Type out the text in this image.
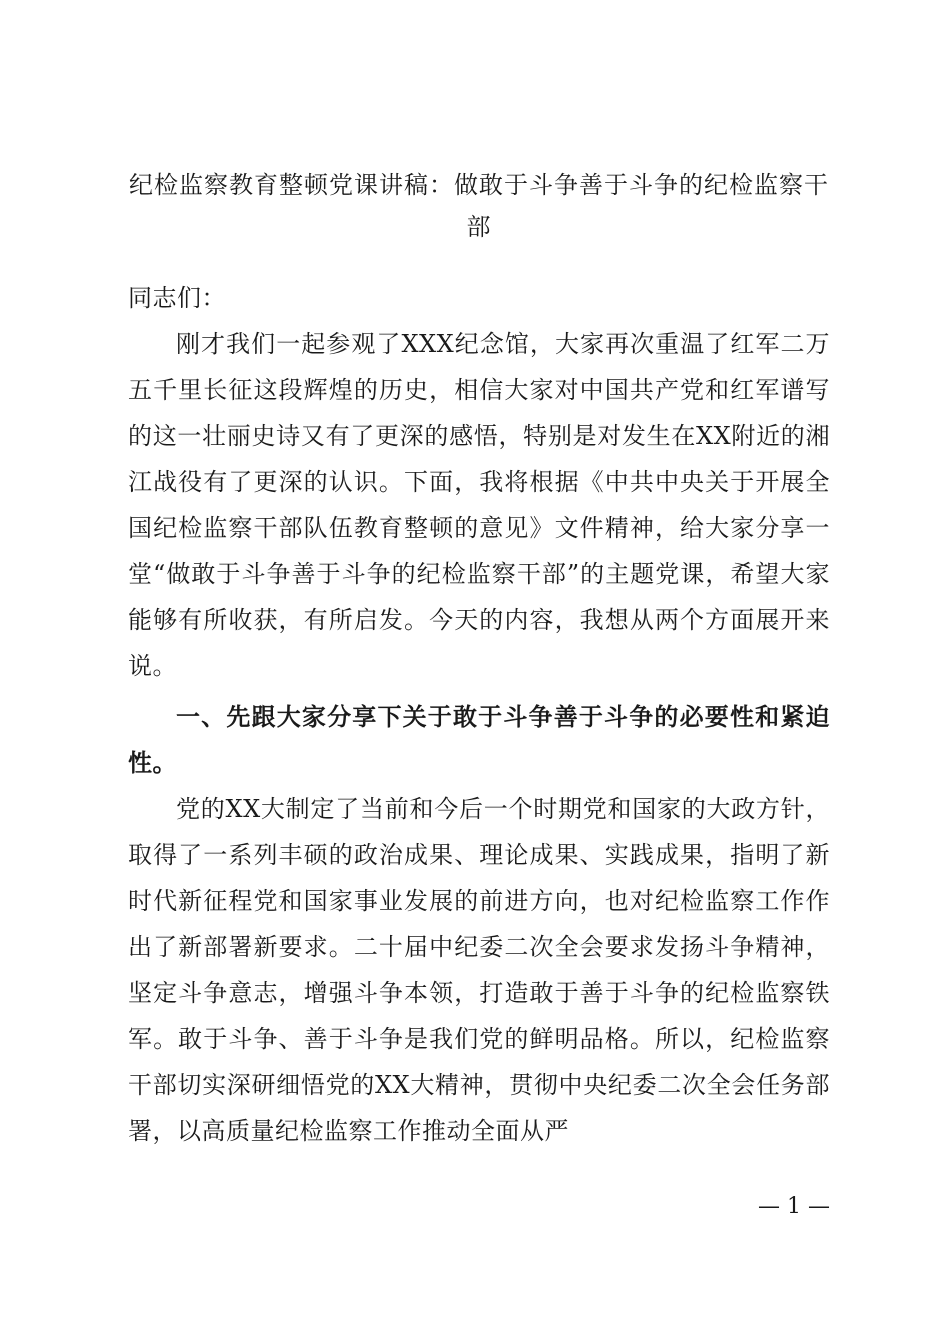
纪检监察教育整顿党课讲稿：做敢于斗争善于斗争的纪检监察干部
同志们：
刚才我们一起参观了XXX纪念馆，大家再次重温了红军二万五千里长征这段辉煌的历史，相信大家对中国共产党和红军谱写的这一壮丽史诗又有了更深的感悟，特别是对发生在XX附近的湘江战役有了更深的认识。下面，我将根据《中共中央关于开展全国纪检监察干部队伍教育整顿的意见》文件精神，给大家分享一堂“做敢于斗争善于斗争的纪检监察干部”的主题党课，希望大家能够有所收获，有所启发。今天的内容，我想从两个方面展开来说。
一、先跟大家分享下关于敢于斗争善于斗争的必要性和紧迫性。
党的XX大制定了当前和今后一个时期党和国家的大政方针，取得了一系列丰硕的政治成果、理论成果、实践成果，指明了新时代新征程党和国家事业发展的前进方向，也对纪检监察工作作出了新部署新要求。二十届中纪委二次全会要求发扬斗争精神，坚定斗争意志，增强斗争本领，打造敢于善于斗争的纪检监察铁军。敢于斗争、善于斗争是我们党的鲜明品格。所以，纪检监察干部切实深研细悟党的XX大精神，贯彻中央纪委二次全会任务部署，以高质量纪检监察工作推动全面从严
— 1 —
